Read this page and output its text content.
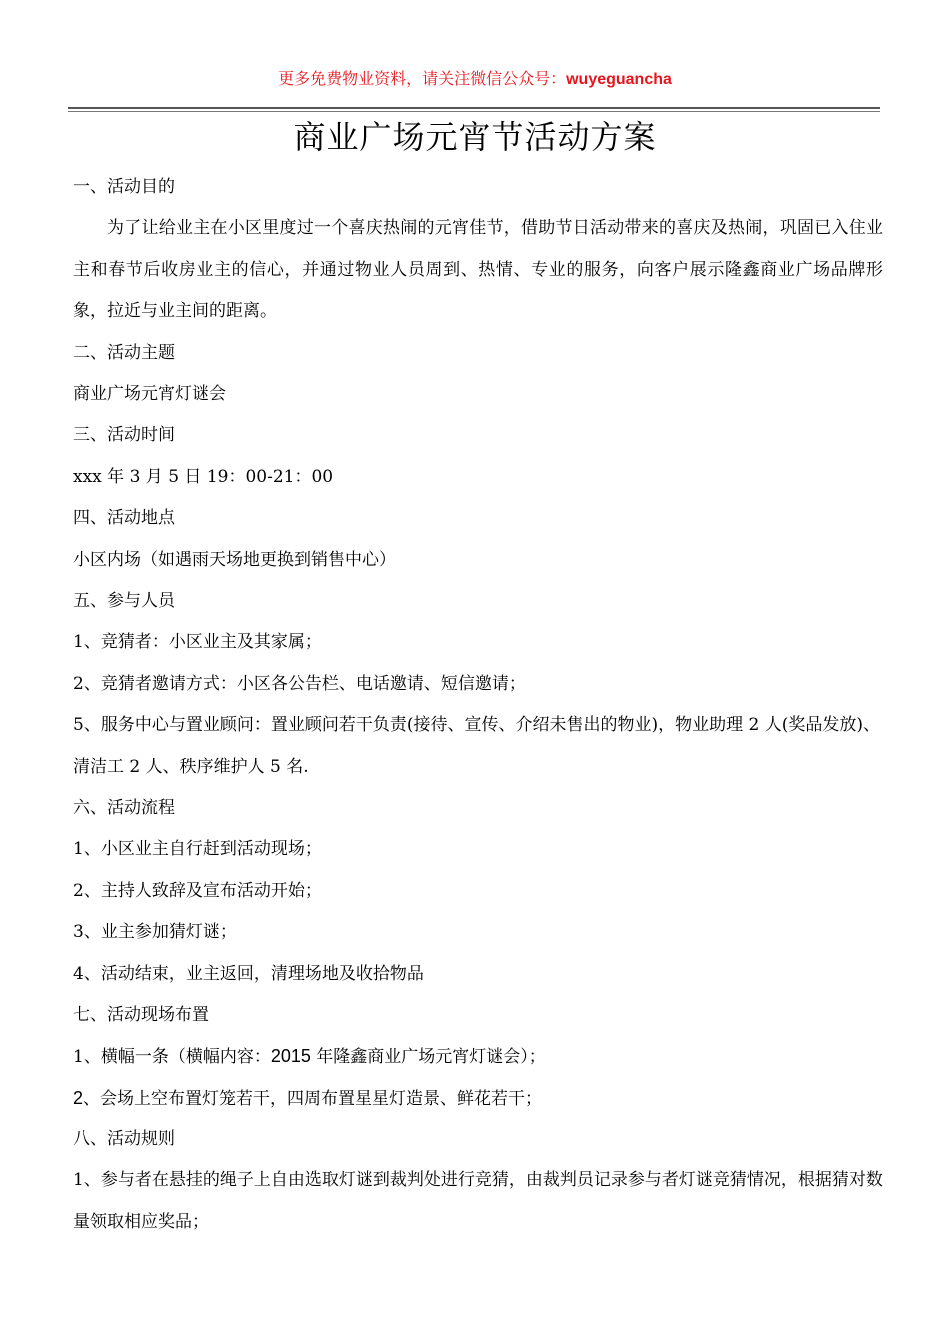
更多免费物业资料，请关注微信公众号：wuyeguancha
商业广场元宵节活动方案
一、活动目的

为了让给业主在小区里度过一个喜庆热闹的元宵佳节，借助节日活动带来的喜庆及热闹，巩固已入住业主和春节后收房业主的信心，并通过物业人员周到、热情、专业的服务，向客户展示隆鑫商业广场品牌形象，拉近与业主间的距离。

二、活动主题
商业广场元宵灯谜会
三、活动时间
xxx 年 3 月 5 日 19：00-21：00
四、活动地点
小区内场（如遇雨天场地更换到销售中心）
五、参与人员
1、竞猜者：小区业主及其家属；
2、竞猜者邀请方式：小区各公告栏、电话邀请、短信邀请；

5、服务中心与置业顾问：置业顾问若干负责(接待、宣传、介绍未售出的物业)，物业助理 2 人(奖品发放)、清洁工 2 人、秩序维护人 5 名.

六、活动流程
1、小区业主自行赶到活动现场；
2、主持人致辞及宣布活动开始；
3、业主参加猜灯谜；
4、活动结束，业主返回，清理场地及收拾物品
七、活动现场布置
1、横幅一条（横幅内容：2015 年隆鑫商业广场元宵灯谜会）；
2、会场上空布置灯笼若干，四周布置星星灯造景、鲜花若干；
八、活动规则

1、参与者在悬挂的绳子上自由选取灯谜到裁判处进行竞猜，由裁判员记录参与者灯谜竞猜情况，根据猜对数量领取相应奖品；
